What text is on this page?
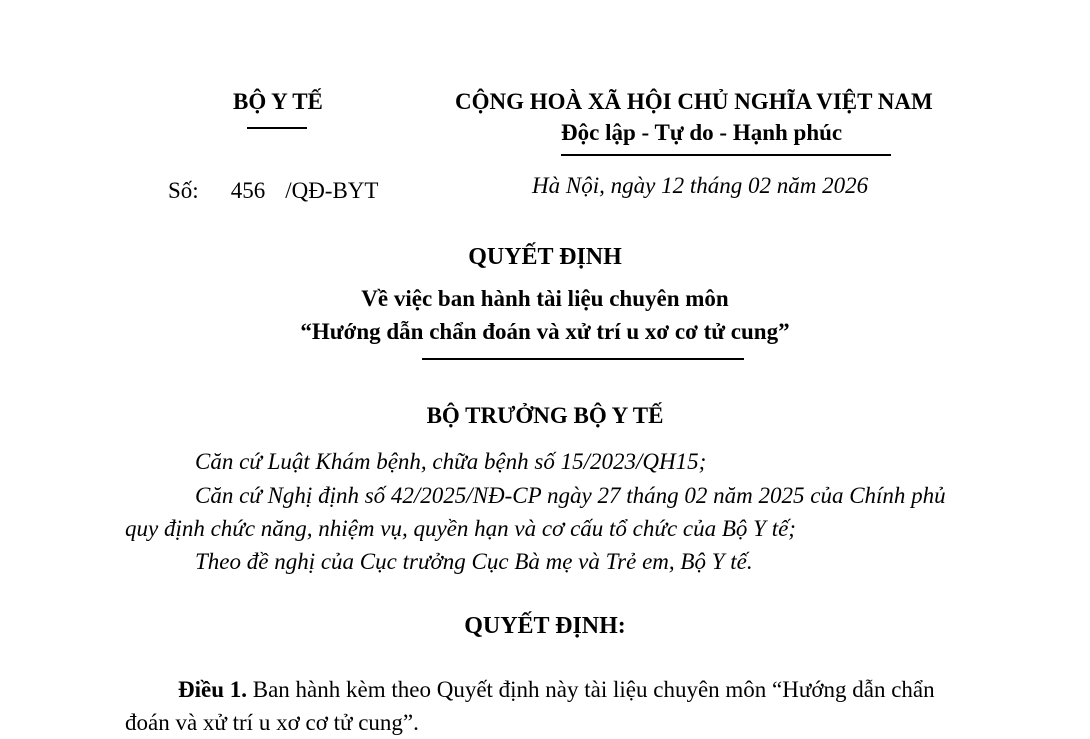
BỘ Y TẾ	CỘNG HOÀ XÃ HỘI CHỦ NGHĨA VIỆT NAM
Độc lập - Tự do - Hạnh phúc
Số: 456 /QĐ-BYT	Hà Nội, ngày 12 tháng 02 năm 2026
QUYẾT ĐỊNH
Về việc ban hành tài liệu chuyên môn
“Hướng dẫn chẩn đoán và xử trí u xơ cơ tử cung”
BỘ TRƯỞNG BỘ Y TẾ
Căn cứ Luật Khám bệnh, chữa bệnh số 15/2023/QH15;
Căn cứ Nghị định số 42/2025/NĐ-CP ngày 27 tháng 02 năm 2025 của Chính phủ
quy định chức năng, nhiệm vụ, quyền hạn và cơ cấu tổ chức của Bộ Y tế;
Theo đề nghị của Cục trưởng Cục Bà mẹ và Trẻ em, Bộ Y tế.
QUYẾT ĐỊNH:
Điều 1. Ban hành kèm theo Quyết định này tài liệu chuyên môn “Hướng dẫn chẩn
đoán và xử trí u xơ cơ tử cung”.
